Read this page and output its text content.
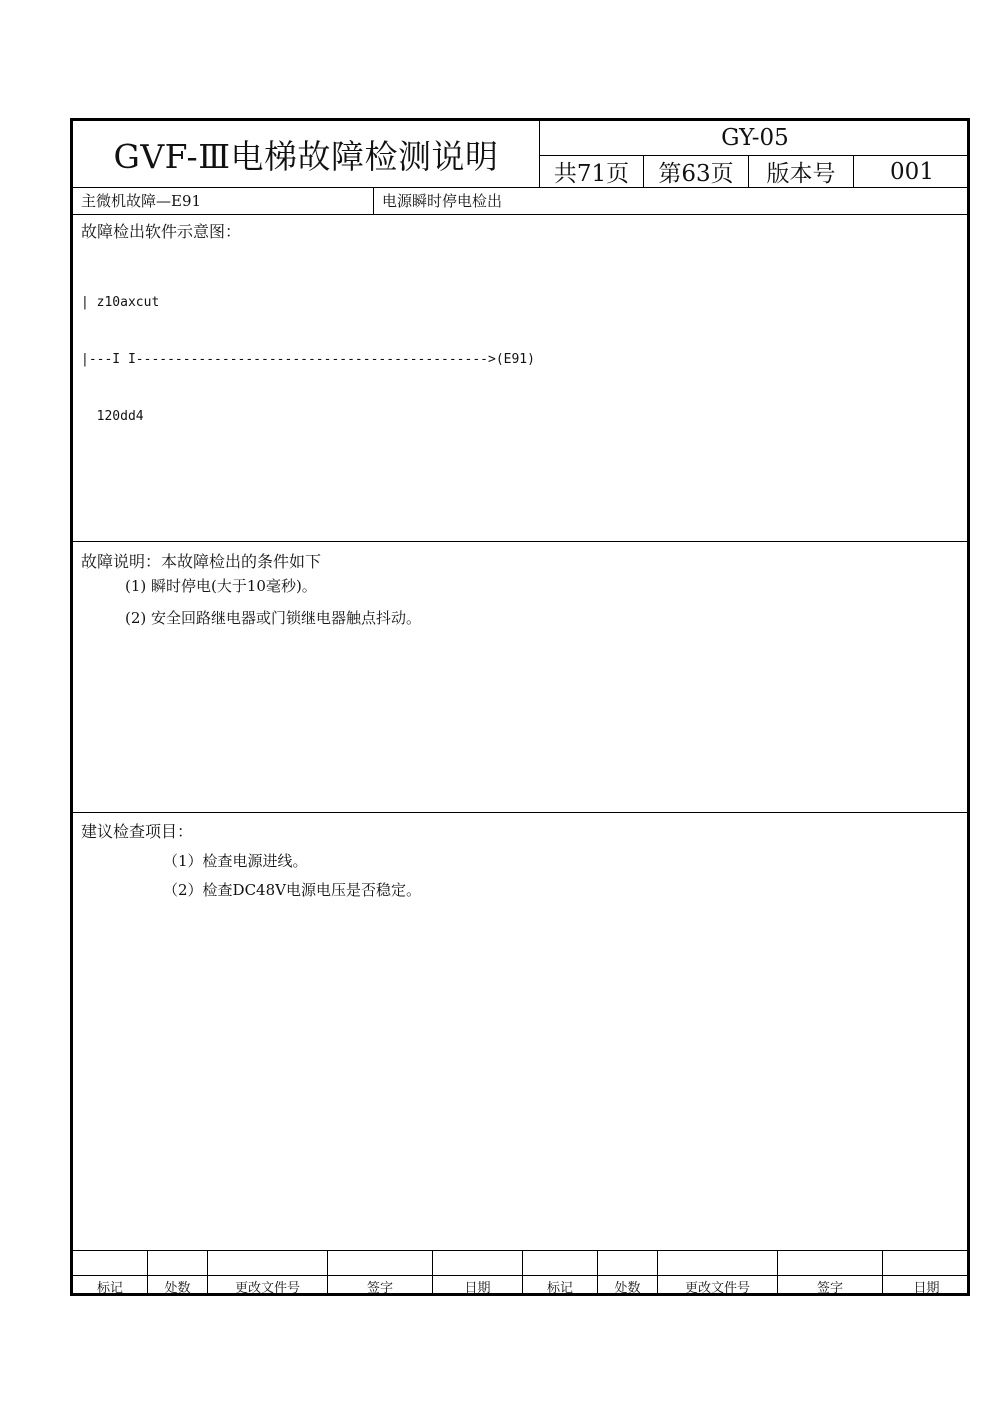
GVF-Ⅲ电梯故障检测说明	GY-05
共71页	第63页	版本号	001
主微机故障—E91	电源瞬时停电检出
故障检出软件示意图：

| z10axcut

|---I I--------------------------------------------->(E91)

120dd4

故障说明：本故障检出的条件如下
(1) 瞬时停电(大于10毫秒)。
(2) 安全回路继电器或门锁继电器触点抖动。
建议检查项目：
（1）检查电源进线。
（2）检查DC48V电源电压是否稳定。
标记	处数	更改文件号	签字	日期	标记	处数	更改文件号	签字	日期
